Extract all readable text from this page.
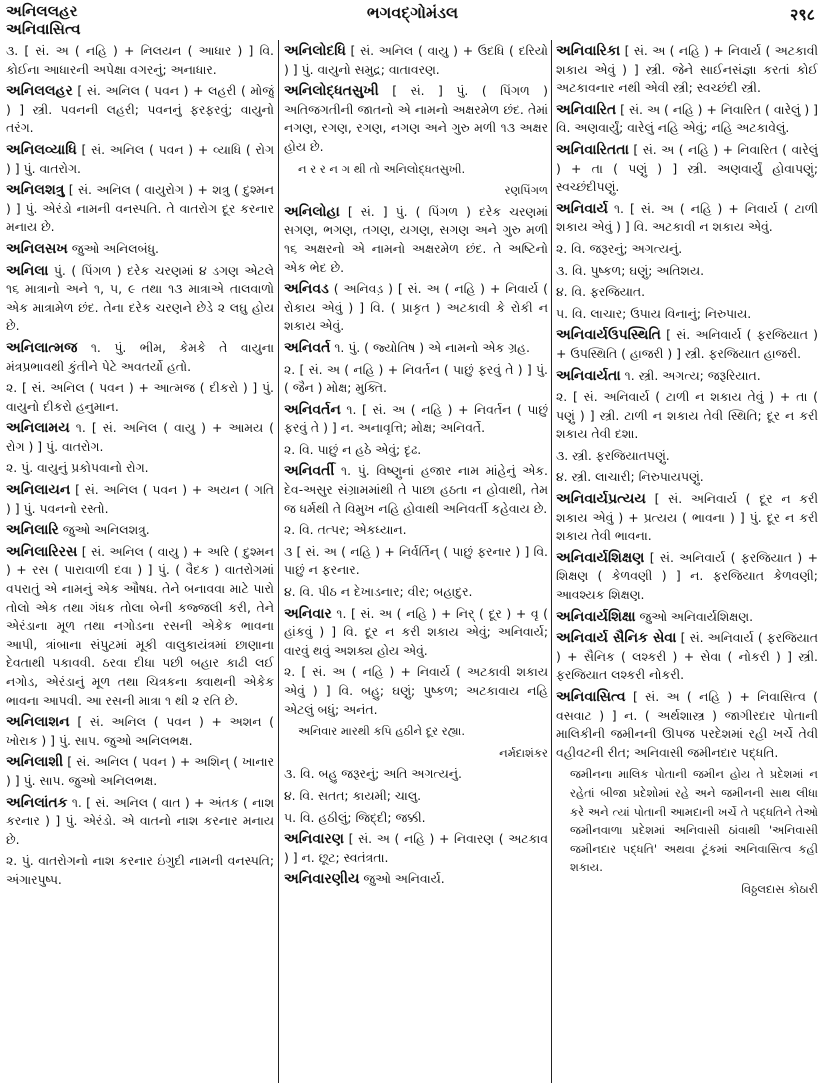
અનિલલહર
અનિવાસિત્વ
ભગવદ્ગોમંડલ	२९८
૩. [ સં. અ ( નહિ ) + નિલયન ( આધાર ) ] વિ. કોઈના આધારની અપેક્ષા વગરનું; અનાધાર.
અનિલલહર [ સં. અનિલ ( પવન ) + લહરી ( મોજું ) ] સ્ત્રી. પવનની લહરી; પવનનું ફરફરવું; વાયુનો તરંગ.
અનિલવ્યાધિ [ સં. અનિલ ( પવન ) + વ્યાધિ ( રોગ ) ] પું. વાતરોગ.
અનિલશત્રુ [ સં. અનિલ ( વાયુરોગ ) + શત્રુ ( દુશ્મન ) ] પું. એરંડો નામની વનસ્પતિ. તે વાતરોગ દૂર કરનાર મનાય છે.
અનિલસખ જુઓ અનિલબંધુ.
અનિલા પું. ( પિંગળ ) દરેક ચરણમાં ૪ ડગણ એટલે ૧૬ માત્રાનો અને ૧, ૫, ૯ તથા ૧૩ માત્રાએ તાલવાળો એક માત્રામેળ છંદ. તેના દરેક ચરણને છેડે ૨ લઘુ હોય છે.
અનિલાત્મજ ૧. પું. ભીમ, કેમકે તે વાયુના મંત્રપ્રભાવથી કુંતીને પેટે અવતર્યો હતો.
૨. [ સં. અનિલ ( પવન ) + આત્મજ ( દીકરો ) ] પું. વાયુનો દીકરો હનુમાન.
અનિલામય ૧. [ સં. અનિલ ( વાયુ ) + આમય ( રોગ ) ] પું. વાતરોગ.
૨. પું. વાયુનું પ્રકોપવાનો રોગ.
અનિલાયન [ સં. અનિલ ( પવન ) + અયન ( ગતિ ) ] પું. પવનનો રસ્તો.
અનિલારિ જુઓ અનિલશત્રુ.
અનિલારિરસ [ સં. અનિલ ( વાયુ ) + અરિ ( દુશ્મન ) + રસ ( પારાવાળી દવા ) ] પું. ( વૈદક ) વાતરોગમાં વપરાતું એ નામનું એક ઔષધ. તેને બનાવવા માટે પારો તોલો એક તથા ગંધક તોલા બેની કજ્જલી કરી, તેને એરંડાના મૂળ તથા નગોડના રસની એકેક ભાવના આપી, ત્રાંબાના સંપુટમાં મૂકી વાલુકાયંત્રમાં છાણાના દેવતાથી પકાવવી. ઠરવા દીધા પછી બહાર કાઢી લઈ નગોડ, એરંડાનું મૂળ તથા ચિત્રકના ક્વાથની એકેક ભાવના આપવી. આ રસની માત્રા ૧ થી ૨ રતિ છે.
અનિલાશન [ સં. અનિલ ( પવન ) + અશન ( ખોરાક ) ] પું. સાપ. જુઓ અનિલભક્ષ.
અનિલાશી [ સં. અનિલ ( પવન ) + અશિન્ ( ખાનાર ) ] પું. સાપ. જુઓ અનિલભક્ષ.
અનિલાંતક ૧. [ સં. અનિલ ( વાત ) + અંતક ( નાશ કરનાર ) ] પું. એરંડો. એ વાતનો નાશ કરનાર મનાય છે.
૨. પું. વાતરોગનો નાશ કરનાર ઇંગુદી નામની વનસ્પતિ; અંગારપુષ્પ.
અનિલોદધિ [ સં. અનિલ ( વાયુ ) + ઉદધિ ( દરિયો ) ] પું. વાયુનો સમુદ્ર; વાતાવરણ.
અનિલોદ્ધતસુખી [ સં. ] પું. ( પિંગળ ) અતિજગતીની જાતનો એ નામનો અક્ષરમેળ છંદ. તેમાં નગણ, રગણ, રગણ, નગણ અને ગુરુ મળી ૧૩ અક્ષર હોય છે.
ન ર ર ન ગ થી તો અનિલોદ્ધતસુખી.
રણપિંગળ
અનિલોહા [ સં. ] પું. ( પિંગળ ) દરેક ચરણમાં સગણ, ભગણ, તગણ, યગણ, સગણ અને ગુરુ મળી ૧૬ અક્ષરનો એ નામનો અક્ષરમેળ છંદ. તે અષ્ટિનો એક ભેદ છે.
અનિવડ ( અનિવડ઼ ) [ સં. અ ( નહિ ) + નિવાર્ય ( રોકાય એવું ) ] વિ. ( પ્રાકૃત ) અટકાવી કે રોકી ન શકાય એવું.
અનિવર્ત ૧. પું. ( જ્યોતિષ ) એ નામનો એક ગ્રહ.
૨. [ સં. અ ( નહિ ) + નિવર્તન ( પાછું ફરવું તે ) ] પું. ( જૈન ) મોક્ષ; મુક્તિ.
અનિવર્તન ૧. [ સં. અ ( નહિ ) + નિવર્તન ( પાછું ફરવું તે ) ] ન. અનાવૃત્તિ; મોક્ષ; અનિવર્તે.
૨. વિ. પાછું ન હઠે એવું; દૃઢ.
અનિવર્તી ૧. પું. વિષ્ણુનાં હજાર નામ માંહેનું એક. દેવ-અસુર સંગ્રામમાંથી તે પાછા હઠતા ન હોવાથી, તેમ જ ધર્મથી તે વિમુખ નહિ હોવાથી અનિવર્તી કહેવાય છે.
૨. વિ. તત્પર; એકધ્યાન.
૩ [ સં. અ ( નહિ ) + નિર્વર્તિન્ ( પાછું ફરનાર ) ] વિ. પાછું ન ફરનાર.
૪. વિ. પીઠ ન દેખાડનાર; વીર; બહાદુર.
અનિવાર ૧. [ સં. અ ( નહિ ) + નિર્ ( દૂર ) + વૃ ( હાંકવું ) ] વિ. દૂર ન કરી શકાય એવું; અનિવાર્ય; વારવું થવું અશક્ય હોય એવું.
૨. [ સં. અ ( નહિ ) + નિવાર્ય ( અટકાવી શકાય એવું ) ] વિ. બહુ; ઘણું; પુષ્કળ; અટકાવાય નહિ એટલું બધું; અનંત.
અનિવાર મારથી કપિ હઠીને દૂર રહ્યા.
નર્મદાશંકર
૩. વિ. બહુ જરૂરનું; અતિ અગત્યનું.
૪. વિ. સતત; કાયમી; ચાલુ.
૫. વિ. હઠીલું; જિદ્દી; જક્કી.
અનિવારણ [ સં. અ ( નહિ ) + નિવારણ ( અટકાવ ) ] ન. છૂટ; સ્વતંત્રતા.
અનિવારણીય જુઓ અનિવાર્ય.
અનિવારિકા [ સં. અ ( નહિ ) + નિવાર્ય ( અટકાવી શકાય એવું ) ] સ્ત્રી. જેને સાઈનસંજ્ઞા કરતાં કોઈ અટકાવનાર નથી એવી સ્ત્રી; સ્વચ્છંદી સ્ત્રી.
અનિવારિત [ સં. અ ( નહિ ) + નિવારિત ( વારેલું ) ] વિ. અણવાર્યું; વારેલું નહિ એવું; નહિ અટકાવેલું.
અનિવારિતતા [ સં. અ ( નહિ ) + નિવારિત ( વારેલું ) + તા ( પણું ) ] સ્ત્રી. અણવાર્યું હોવાપણું; સ્વચ્છંદીપણું.
અનિવાર્ય ૧. [ સં. અ ( નહિ ) + નિવાર્ય ( ટાળી શકાય એવું ) ] વિ. અટકાવી ન શકાય એવું.
૨. વિ. જરૂરનું; અગત્યનું.
૩. વિ. પુષ્કળ; ઘણું; અતિશય.
૪. વિ. ફરજિયાત.
૫. વિ. લાચાર; ઉપાય વિનાનું; નિરુપાય.
અનિવાર્યઉપસ્થિતિ [ સં. અનિવાર્ય ( ફરજિયાત ) + ઉપસ્થિતિ ( હાજરી ) ] સ્ત્રી. ફરજિયાત હાજરી.
અનિવાર્યતા ૧. સ્ત્રી. અગત્ય; જરૂરિયાત.
૨. [ સં. અનિવાર્ય ( ટાળી ન શકાય તેવું ) + તા ( પણું ) ] સ્ત્રી. ટાળી ન શકાય તેવી સ્થિતિ; દૂર ન કરી શકાય તેવી દશા.
૩. સ્ત્રી. ફરજિયાતપણું.
૪. સ્ત્રી. લાચારી; નિરુપાયપણું.
અનિવાર્યપ્રત્યય [ સં. અનિવાર્ય ( દૂર ન કરી શકાય એવું ) + પ્રત્યય ( ભાવના ) ] પું. દૂર ન કરી શકાય તેવી ભાવના.
અનિવાર્યશિક્ષણ [ સં. અનિવાર્ય ( ફરજિયાત ) + શિક્ષણ ( કેળવણી ) ] ન. ફરજિયાત કેળવણી; આવશ્યક શિક્ષણ.
અનિવાર્યશિક્ષા જુઓ અનિવાર્યશિક્ષણ.
અનિવાર્ય સૈનિક સેવા [ સં. અનિવાર્ય ( ફરજિયાત ) + સૈનિક ( લશ્કરી ) + સેવા ( નોકરી ) ] સ્ત્રી. ફરજિયાત લશ્કરી નોકરી.
અનિવાસિત્વ [ સં. અ ( નહિ ) + નિવાસિત્વ ( વસવાટ ) ] ન. ( અર્થશાસ્ત્ર ) જાગીરદાર પોતાની માલિકીની જમીનની ઊપજ પરદેશમાં રહી ખર્ચે તેવી વહીવટની રીત; અનિવાસી જમીનદાર પદ્ધતિ.
જમીનના માલિક પોતાની જમીન હોય તે પ્રદેશમાં ન રહેતાં બીજા પ્રદેશોમાં રહે અને જમીનની સાથ લીધા કરે અને ત્યાં પોતાની આમદાની ખર્ચે તે પદ્ધતિને તેઓ જમીનવાળા પ્રદેશમાં અનિવાસી ઠાંવાથી 'અનિવાસી જમીનદાર પદ્ધતિ' અથવા ટૂંકમાં અનિવાસિત્વ કહી શકાય.
વિઠ્ઠલદાસ કોઠારી
